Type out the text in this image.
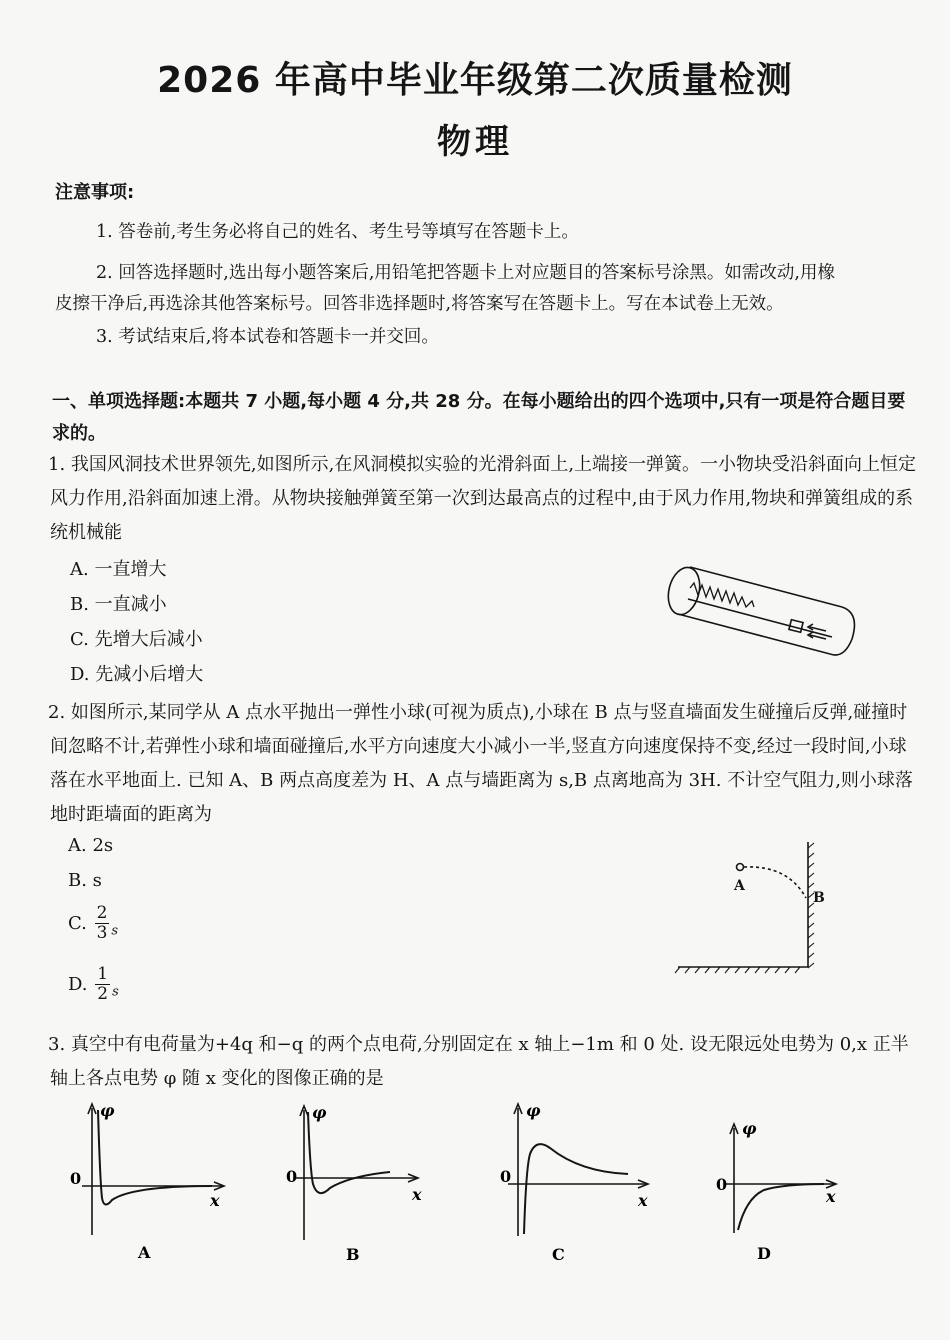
2026 年高中毕业年级第二次质量检测
物理
注意事项:
1. 答卷前,考生务必将自己的姓名、考生号等填写在答题卡上。
2. 回答选择题时,选出每小题答案后,用铅笔把答题卡上对应题目的答案标号涂黑。如需改动,用橡
皮擦干净后,再选涂其他答案标号。回答非选择题时,将答案写在答题卡上。写在本试卷上无效。
3. 考试结束后,将本试卷和答题卡一并交回。
一、单项选择题:本题共 7 小题,每小题 4 分,共 28 分。在每小题给出的四个选项中,只有一项是符合题目要求的。
1. 我国风洞技术世界领先,如图所示,在风洞模拟实验的光滑斜面上,上端接一弹簧。一小物块受沿斜面向上恒定风力作用,沿斜面加速上滑。从物块接触弹簧至第一次到达最高点的过程中,由于风力作用,物块和弹簧组成的系统机械能
A. 一直增大
B. 一直减小
C. 先增大后减小
D. 先减小后增大
2. 如图所示,某同学从 A 点水平抛出一弹性小球(可视为质点),小球在 B 点与竖直墙面发生碰撞后反弹,碰撞时间忽略不计,若弹性小球和墙面碰撞后,水平方向速度大小减小一半,竖直方向速度保持不变,经过一段时间,小球落在水平地面上. 已知 A、B 两点高度差为 H、A 点与墙距离为 s,B 点离地高为 3H. 不计空气阻力,则小球落地时距墙面的距离为
A. 2s
B. s
C. $\frac{2}{3} _s$
D. $\frac{1}{2} _s$
A
B
3. 真空中有电荷量为+4q 和−q 的两个点电荷,分别固定在 x 轴上−1m 和 0 处. 设无限远处电势为 0,x 正半轴上各点电势 φ 随 x 变化的图像正确的是
φ
0
x
A
φ
0
x
B
φ
0
x
C
φ
0
x
D
